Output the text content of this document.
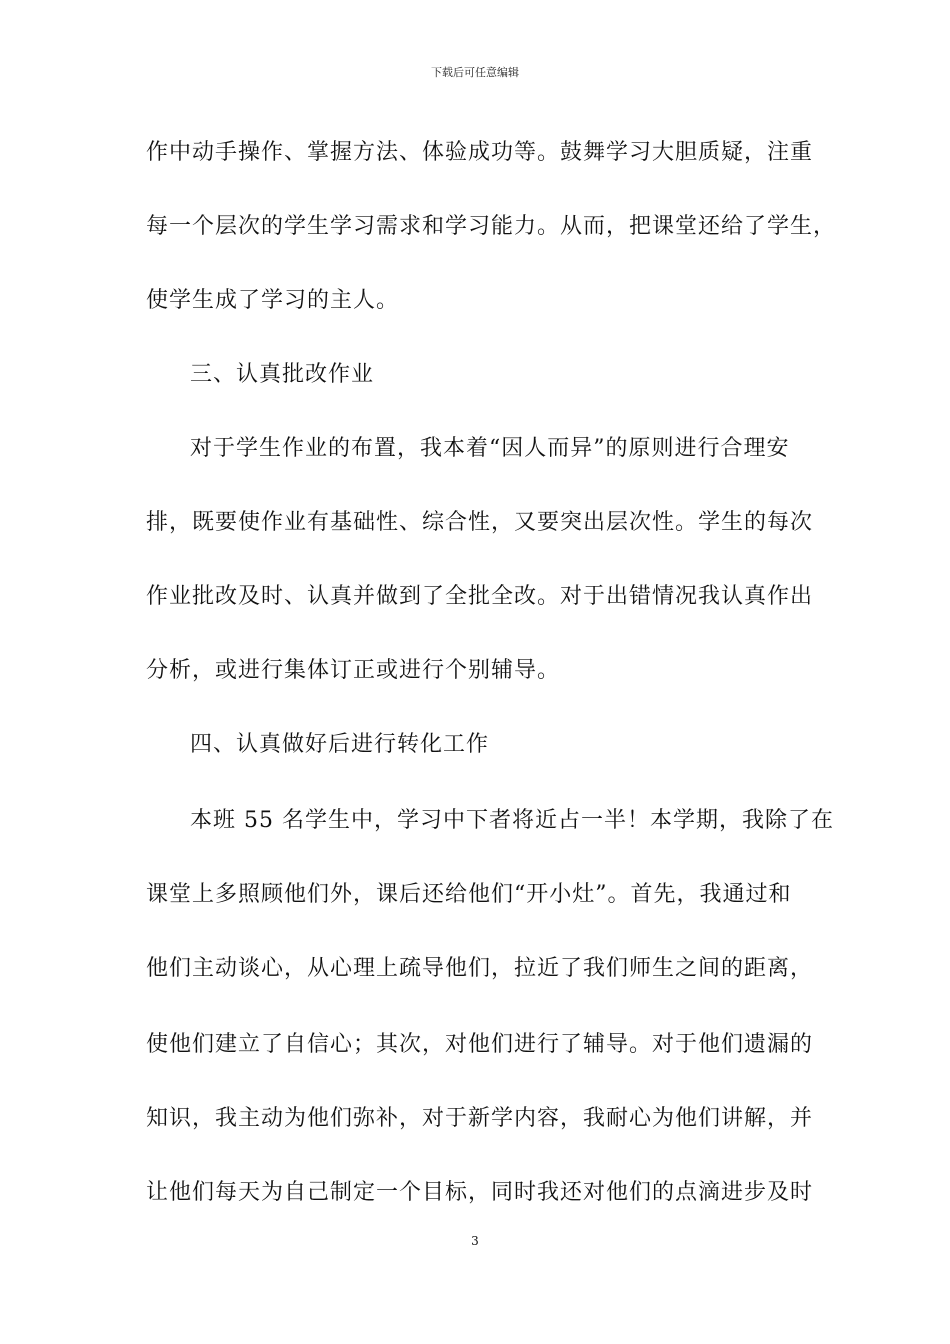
下载后可任意编辑
作中动手操作、掌握方法、体验成功等。鼓舞学习大胆质疑，注重
每一个层次的学生学习需求和学习能力。从而，把课堂还给了学生，
使学生成了学习的主人。
三、认真批改作业
对于学生作业的布置，我本着“因人而异”的原则进行合理安
排，既要使作业有基础性、综合性，又要突出层次性。学生的每次
作业批改及时、认真并做到了全批全改。对于出错情况我认真作出
分析，或进行集体订正或进行个别辅导。
四、认真做好后进行转化工作
本班 55 名学生中，学习中下者将近占一半！本学期，我除了在
课堂上多照顾他们外，课后还给他们“开小灶”。首先，我通过和
他们主动谈心，从心理上疏导他们，拉近了我们师生之间的距离，
使他们建立了自信心；其次，对他们进行了辅导。对于他们遗漏的
知识，我主动为他们弥补，对于新学内容，我耐心为他们讲解，并
让他们每天为自己制定一个目标，同时我还对他们的点滴进步及时
3
